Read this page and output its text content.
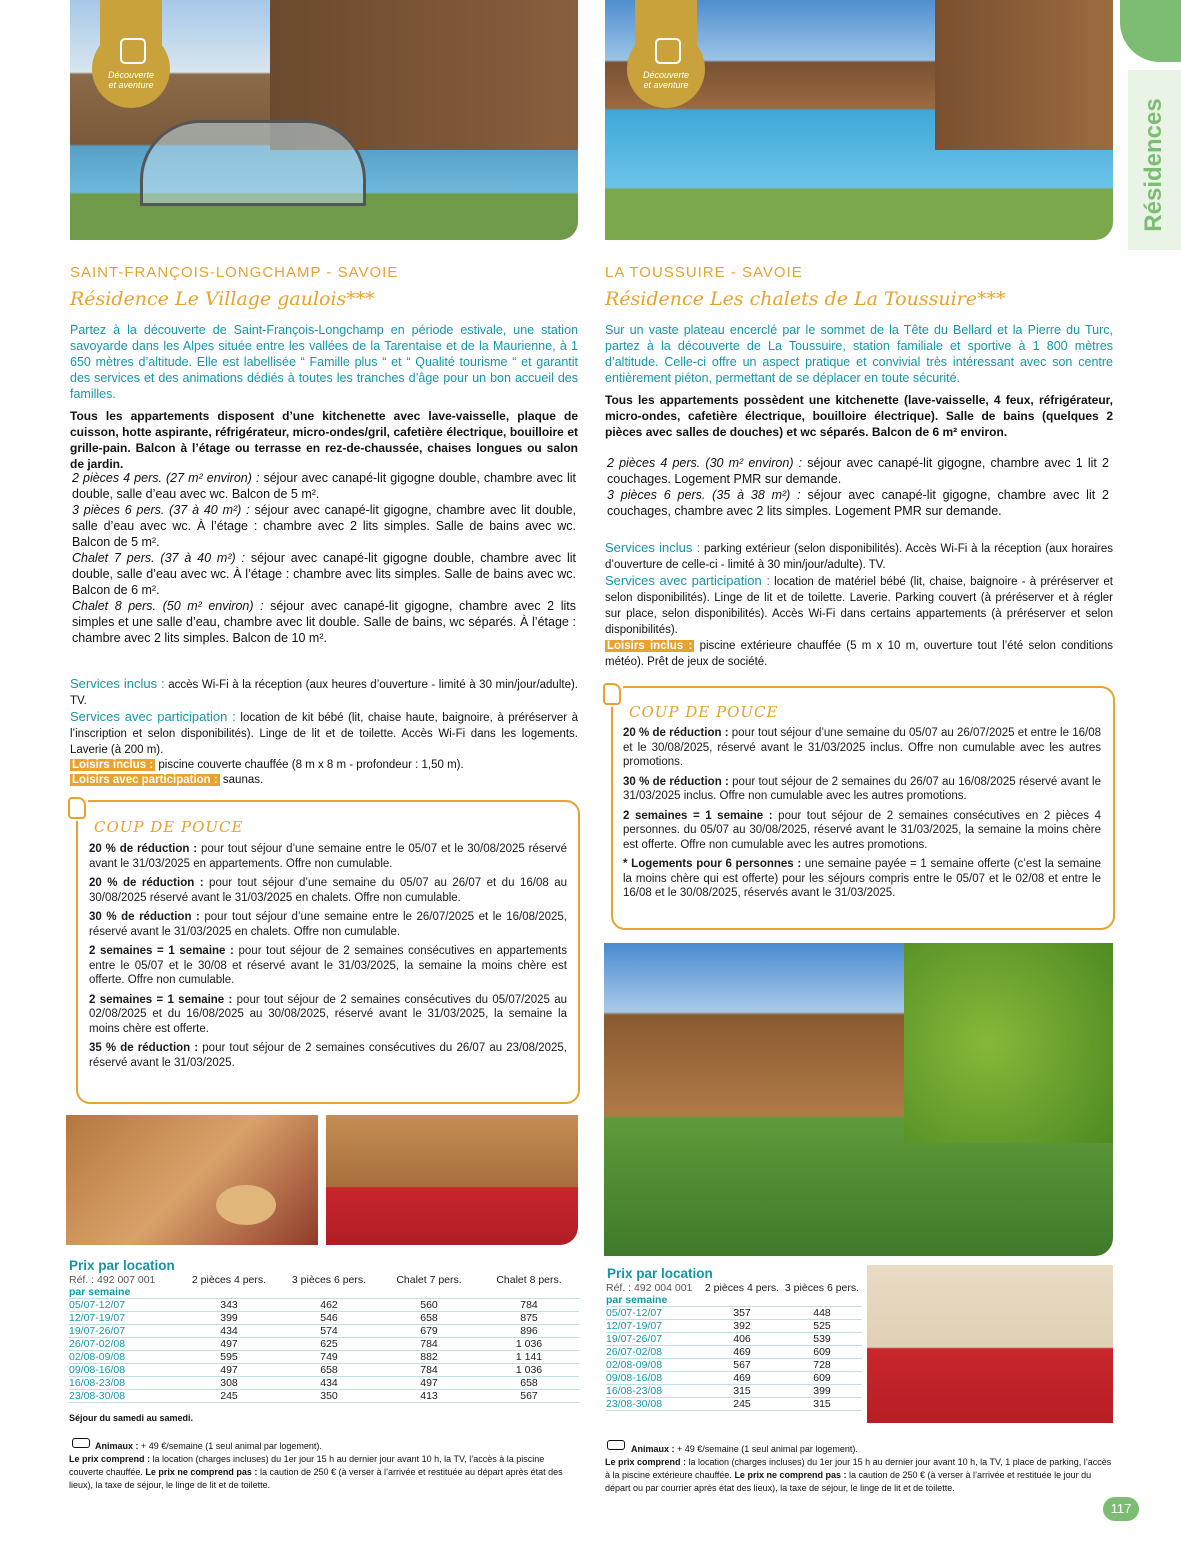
Résidences
Découverte
et aventure
SAINT-FRANÇOIS-LONGCHAMP - SAVOIE
Résidence Le Village gaulois***
Partez à la découverte de Saint-François-Longchamp en période estivale, une station savoyarde dans les Alpes située entre les vallées de la Tarentaise et de la Maurienne, à 1 650 mètres d’altitude. Elle est labellisée “ Famille plus “ et “ Qualité tourisme “ et garantit des services et des animations dédiés à toutes les tranches d’âge pour un bon accueil des familles.
Tous les appartements disposent d’une kitchenette avec lave-vaisselle, plaque de cuisson, hotte aspirante, réfrigérateur, micro-ondes/gril, cafetière électrique, bouilloire et grille-pain. Balcon à l’étage ou terrasse en rez-de-chaussée, chaises longues ou salon de jardin.
2 pièces 4 pers. (27 m² environ) : séjour avec canapé-lit gigogne double, chambre avec lit double, salle d’eau avec wc. Balcon de 5 m².
3 pièces 6 pers. (37 à 40 m²) : séjour avec canapé-lit gigogne, chambre avec lit double, salle d’eau avec wc. À l’étage : chambre avec 2 lits simples. Salle de bains avec wc. Balcon de 5 m².
Chalet 7 pers. (37 à 40 m²) : séjour avec canapé-lit gigogne double, chambre avec lit double, salle d’eau avec wc. À l’étage : chambre avec lits simples. Salle de bains avec wc. Balcon de 6 m².
Chalet 8 pers. (50 m² environ) : séjour avec canapé-lit gigogne, chambre avec 2 lits simples et une salle d’eau, chambre avec lit double. Salle de bains, wc séparés. À l’étage : chambre avec 2 lits simples. Balcon de 10 m².
Services inclus : accès Wi-Fi à la réception (aux heures d’ouverture - limité à 30 min/jour/adulte). TV.
Services avec participation : location de kit bébé (lit, chaise haute, baignoire, à préréserver à l’inscription et selon disponibilités). Linge de lit et de toilette. Accès Wi-Fi dans les logements. Laverie (à 200 m).
Loisirs inclus : piscine couverte chauffée (8 m x 8 m - profondeur : 1,50 m).
Loisirs avec participation : saunas.
COUP DE POUCE

20 % de réduction : pour tout séjour d’une semaine entre le 05/07 et le 30/08/2025 réservé avant le 31/03/2025 en appartements. Offre non cumulable.

20 % de réduction : pour tout séjour d’une semaine du 05/07 au 26/07 et du 16/08 au 30/08/2025 réservé avant le 31/03/2025 en chalets. Offre non cumulable.

30 % de réduction : pour tout séjour d’une semaine entre le 26/07/2025 et le 16/08/2025, réservé avant le 31/03/2025 en chalets. Offre non cumulable.

2 semaines = 1 semaine : pour tout séjour de 2 semaines consécutives en appartements entre le 05/07 et le 30/08 et réservé avant le 31/03/2025, la semaine la moins chère est offerte. Offre non cumulable.

2 semaines = 1 semaine : pour tout séjour de 2 semaines consécutives du 05/07/2025 au 02/08/2025 et du 16/08/2025 au 30/08/2025, réservé avant le 31/03/2025, la semaine la moins chère est offerte.

35 % de réduction : pour tout séjour de 2 semaines consécutives du 26/07 au 23/08/2025, réservé avant le 31/03/2025.

Prix par location
Réf. : 492 007 001	2 pièces 4 pers.	3 pièces 6 pers.	Chalet 7 pers.	Chalet 8 pers.
par semaine				
05/07-12/07	343	462	560	784
12/07-19/07	399	546	658	875
19/07-26/07	434	574	679	896
26/07-02/08	497	625	784	1 036
02/08-09/08	595	749	882	1 141
09/08-16/08	497	658	784	1 036
16/08-23/08	308	434	497	658
23/08-30/08	245	350	413	567
Séjour du samedi au samedi.
Animaux : + 49 €/semaine (1 seul animal par logement).
Le prix comprend : la location (charges incluses) du 1er jour 15 h au dernier jour avant 10 h, la TV, l’accès à la piscine couverte chauffée. Le prix ne comprend pas : la caution de 250 € (à verser à l’arrivée et restituée au départ après état des lieux), la taxe de séjour, le linge de lit et de toilette.
Découverte
et aventure
LA TOUSSUIRE - SAVOIE
Résidence Les chalets de La Toussuire***
Sur un vaste plateau encerclé par le sommet de la Tête du Bellard et la Pierre du Turc, partez à la découverte de La Toussuire, station familiale et sportive à 1 800 mètres d’altitude. Celle-ci offre un aspect pratique et convivial très intéressant avec son centre entièrement piéton, permettant de se déplacer en toute sécurité.
Tous les appartements possèdent une kitchenette (lave-vaisselle, 4 feux, réfrigérateur, micro-ondes, cafetière électrique, bouilloire électrique). Salle de bains (quelques 2 pièces avec salles de douches) et wc séparés. Balcon de 6 m² environ.
2 pièces 4 pers. (30 m² environ) : séjour avec canapé-lit gigogne, chambre avec 1 lit 2 couchages. Logement PMR sur demande.
3 pièces 6 pers. (35 à 38 m²) : séjour avec canapé-lit gigogne, chambre avec lit 2 couchages, chambre avec 2 lits simples. Logement PMR sur demande.
Services inclus : parking extérieur (selon disponibilités). Accès Wi-Fi à la réception (aux horaires d’ouverture de celle-ci - limité à 30 min/jour/adulte). TV.
Services avec participation : location de matériel bébé (lit, chaise, baignoire - à préréserver et selon disponibilités). Linge de lit et de toilette. Laverie. Parking couvert (à préréserver et à régler sur place, selon disponibilités). Accès Wi-Fi dans certains appartements (à préréserver et selon disponibilités).
Loisirs inclus : piscine extérieure chauffée (5 m x 10 m, ouverture tout l’été selon conditions météo). Prêt de jeux de société.
COUP DE POUCE

20 % de réduction : pour tout séjour d’une semaine du 05/07 au 26/07/2025 et entre le 16/08 et le 30/08/2025, réservé avant le 31/03/2025 inclus. Offre non cumulable avec les autres promotions.

30 % de réduction : pour tout séjour de 2 semaines du 26/07 au 16/08/2025 réservé avant le 31/03/2025 inclus. Offre non cumulable avec les autres promotions.

2 semaines = 1 semaine : pour tout séjour de 2 semaines consécutives en 2 pièces 4 personnes. du 05/07 au 30/08/2025, réservé avant le 31/03/2025, la semaine la moins chère est offerte. Offre non cumulable avec les autres promotions.

* Logements pour 6 personnes : une semaine payée = 1 semaine offerte (c’est la semaine la moins chère qui est offerte) pour les séjours compris entre le 05/07 et le 02/08 et entre le 16/08 et le 30/08/2025, réservés avant le 31/03/2025.

Prix par location
Réf. : 492 004 001	2 pièces 4 pers.	3 pièces 6 pers.
par semaine		
05/07-12/07	357	448
12/07-19/07	392	525
19/07-26/07	406	539
26/07-02/08	469	609
02/08-09/08	567	728
09/08-16/08	469	609
16/08-23/08	315	399
23/08-30/08	245	315
Animaux : + 49 €/semaine (1 seul animal par logement).
Le prix comprend : la location (charges incluses) du 1er jour 15 h au dernier jour avant 10 h, la TV, 1 place de parking, l’accès à la piscine extérieure chauffée. Le prix ne comprend pas : la caution de 250 € (à verser à l’arrivée et restituée le jour du départ ou par courrier après état des lieux), la taxe de séjour, le linge de lit et de toilette.
117
